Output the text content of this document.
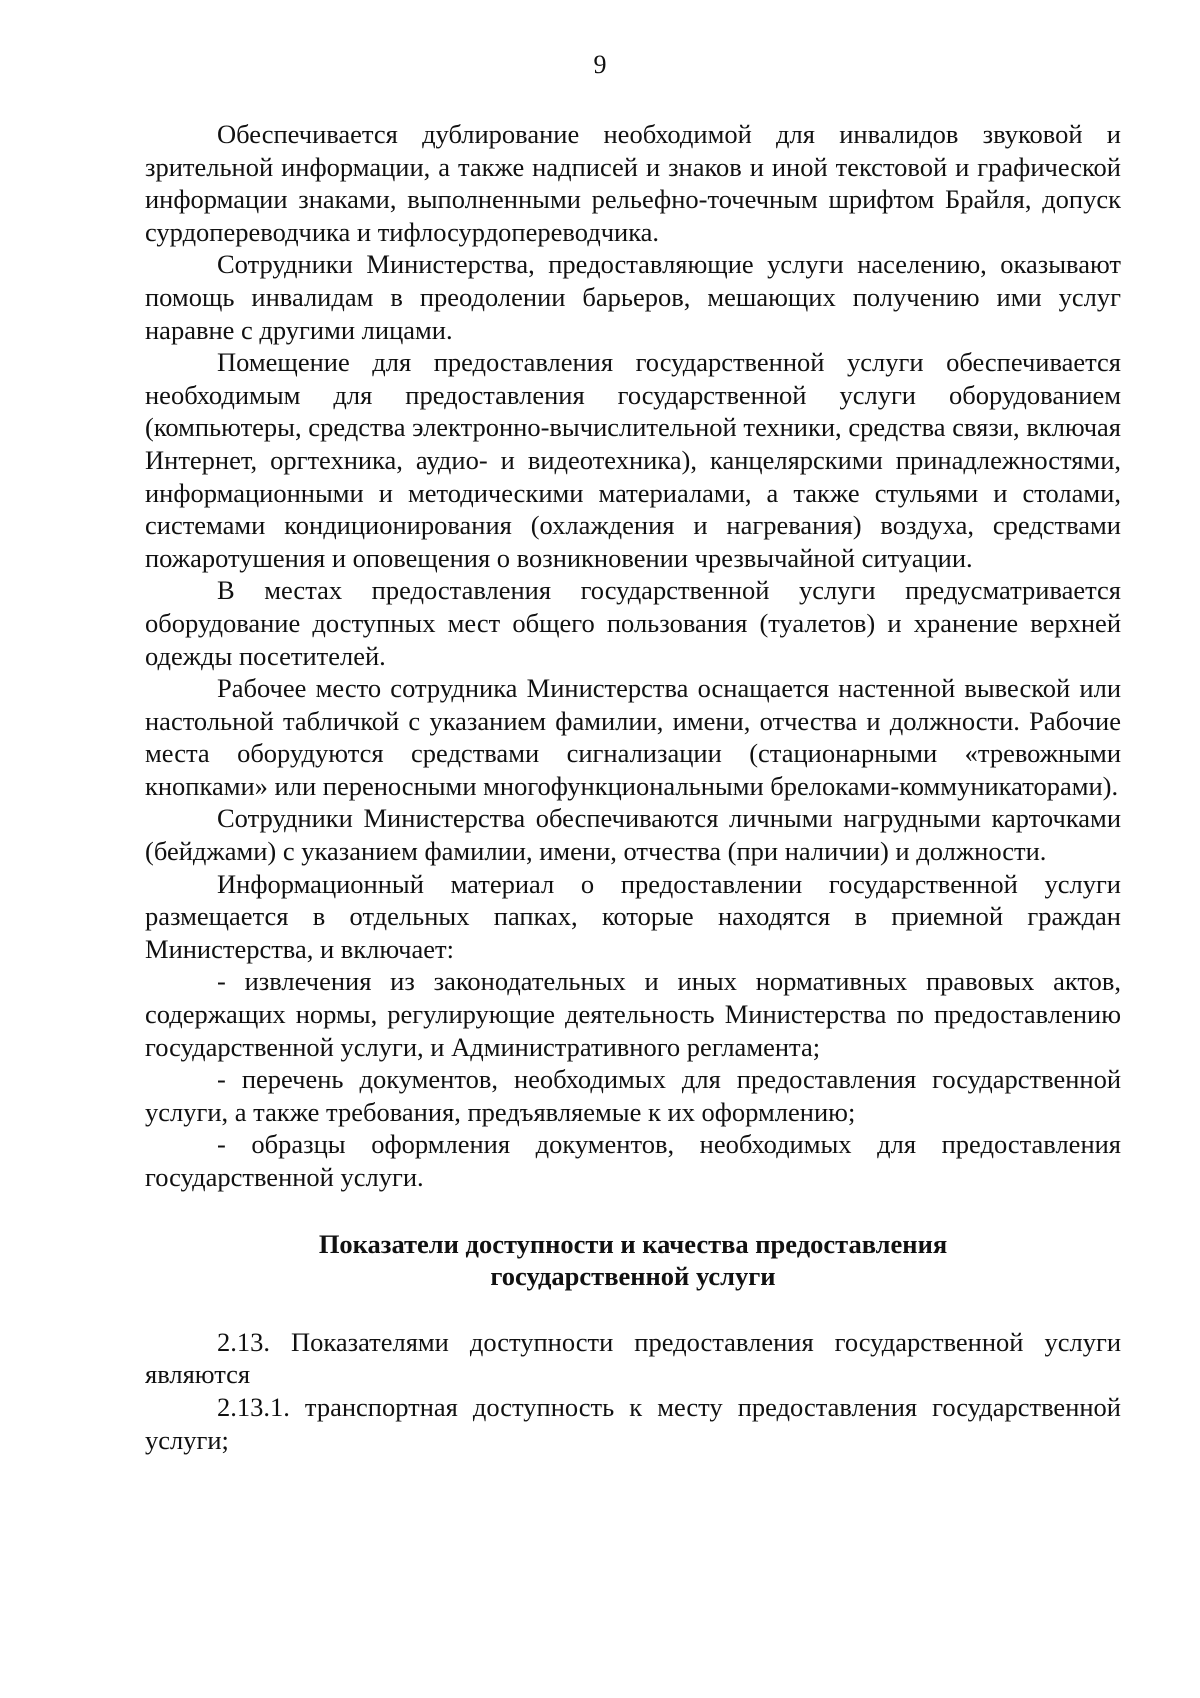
9

Обеспечивается дублирование необходимой для инвалидов звуковой и зрительной информации, а также надписей и знаков и иной текстовой и графической информации знаками, выполненными рельефно-точечным шрифтом Брайля, допуск сурдопереводчика и тифлосурдопереводчика.

Сотрудники Министерства, предоставляющие услуги населению, оказывают помощь инвалидам в преодолении барьеров, мешающих получению ими услуг наравне с другими лицами.

Помещение для предоставления государственной услуги обеспечивается необходимым для предоставления государственной услуги оборудованием (компьютеры, средства электронно-вычислительной техники, средства связи, включая Интернет, оргтехника, аудио- и видеотехника), канцелярскими принадлежностями, информационными и методическими материалами, а также стульями и столами, системами кондиционирования (охлаждения и нагревания) воздуха, средствами пожаротушения и оповещения о возникновении чрезвычайной ситуации.

В местах предоставления государственной услуги предусматривается оборудование доступных мест общего пользования (туалетов) и хранение верхней одежды посетителей.

Рабочее место сотрудника Министерства оснащается настенной вывеской или настольной табличкой с указанием фамилии, имени, отчества и должности. Рабочие места оборудуются средствами сигнализации (стационарными «тревожными кнопками» или переносными многофункциональными брелоками-коммуникаторами).

Сотрудники Министерства обеспечиваются личными нагрудными карточками (бейджами) с указанием фамилии, имени, отчества (при наличии) и должности.

Информационный материал о предоставлении государственной услуги размещается в отдельных папках, которые находятся в приемной граждан Министерства, и включает:

- извлечения из законодательных и иных нормативных правовых актов, содержащих нормы, регулирующие деятельность Министерства по предоставлению государственной услуги, и Административного регламента;

- перечень документов, необходимых для предоставления государственной услуги, а также требования, предъявляемые к их оформлению;

- образцы оформления документов, необходимых для предоставления государственной услуги.

Показатели доступности и качества предоставления
государственной услуги

2.13. Показателями доступности предоставления государственной услуги являются

2.13.1. транспортная доступность к месту предоставления государственной услуги;
